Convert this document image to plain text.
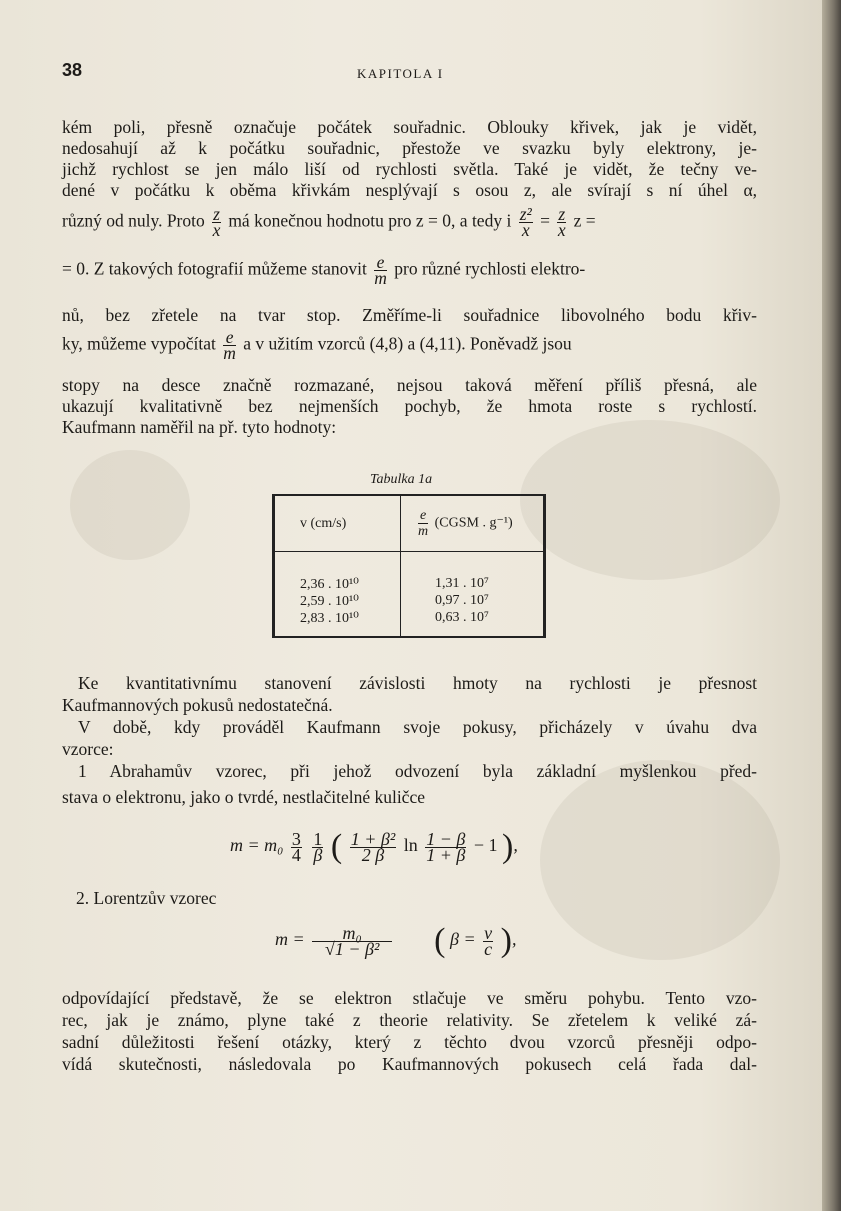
38	KAPITOLA I
kém poli, přesně označuje počátek souřadnic. Oblouky křivek, jak je vidět,
nedosahují až k počátku souřadnic, přestože ve svazku byly elektrony, je-
jichž rychlost se jen málo liší od rychlosti světla. Také je vidět, že tečny ve-
dené v počátku k oběma křivkám nesplývají s osou z, ale svírají s ní úhel α,
různý od nuly. Proto $\frac{z}{x}$ má konečnou hodnotu pro z = 0, a tedy i $\frac{\text{z²}}{x} = \frac{z}{x}$ z =
= 0. Z takových fotografií můžeme stanovit $\frac{e}{m}$ pro různé rychlosti elektro-
nů, bez zřetele na tvar stop. Změříme-li souřadnice libovolného bodu křiv-
ky, můžeme vypočítat $\frac{e}{m}$ a v užitím vzorců (4,8) a (4,11). Poněvadž jsou
stopy na desce značně rozmazané, nejsou taková měření příliš přesná, ale
ukazují kvalitativně bez nejmenších pochyb, že hmota roste s rychlostí.
Kaufmann naměřil na př. tyto hodnoty:
Tabulka 1a
v (cm/s)	$\frac{e}{m}$ (CGSM . g⁻¹)
2,36 . 10¹⁰	1,31 . 10⁷
2,59 . 10¹⁰	0,97 . 10⁷
2,83 . 10¹⁰	0,63 . 10⁷
Ke kvantitativnímu stanovení závislosti hmoty na rychlosti je přesnost
Kaufmannových pokusů nedostatečná.
V době, kdy prováděl Kaufmann svoje pokusy, přicházely v úvahu dva
vzorce:
1 Abrahamův vzorec, při jehož odvození byla základní myšlenkou před-
stava o elektronu, jako o tvrdé, nestlačitelné kuličce
$m = m_0 \frac{3}{4}$
$\frac{1}{\beta}$ ( $\frac{\text{1 + β²}}{2 \beta}$ $\ln \frac{1 - \beta}{1 + \beta} - 1$ ),
2. Lorentzův vzorec
$m = \frac{\text{m₀}}{\text{√1 − β²}}$ ( $\beta = \frac{v}{c}$ ),
odpovídající představě, že se elektron stlačuje ve směru pohybu. Tento vzo-
rec, jak je známo, plyne také z theorie relativity. Se zřetelem k veliké zá-
sadní důležitosti řešení otázky, který z těchto dvou vzorců přesněji odpo-
vídá skutečnosti, následovala po Kaufmannových pokusech celá řada dal-
